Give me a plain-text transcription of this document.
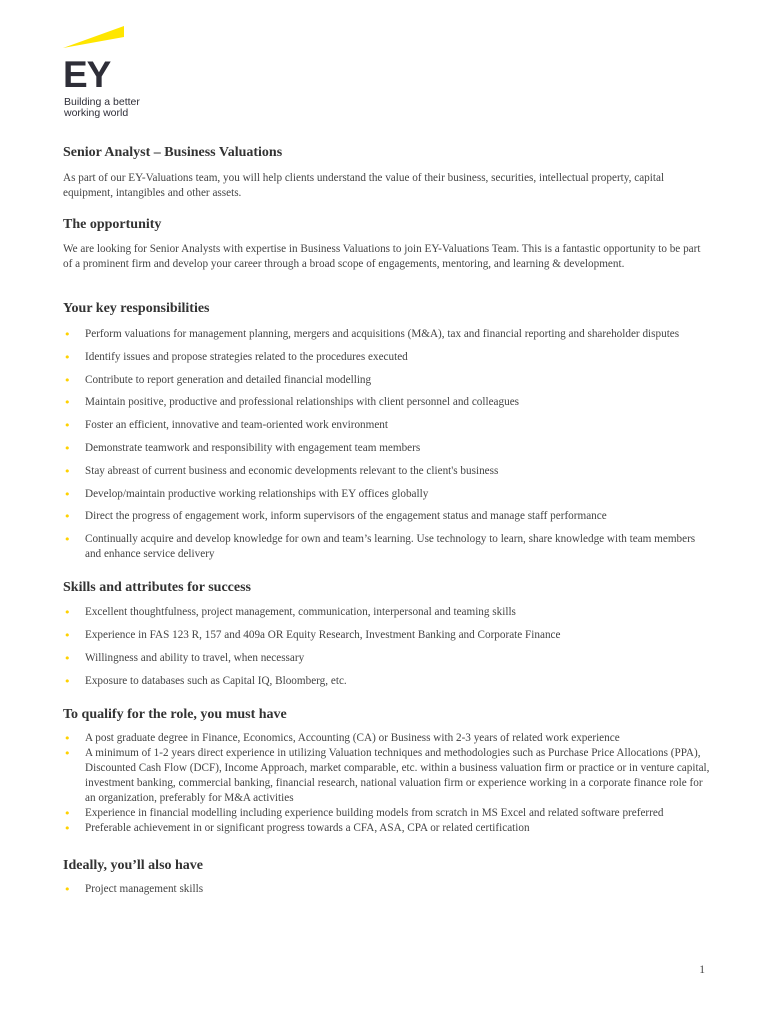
EY
Building a better
working world
Senior Analyst – Business Valuations

As part of our EY-Valuations team, you will help clients understand the value of their business, securities, intellectual property, capital equipment, intangibles and other assets.

The opportunity

We are looking for Senior Analysts with expertise in Business Valuations to join EY-Valuations Team. This is a fantastic opportunity to be part of a prominent firm and develop your career through a broad scope of engagements, mentoring, and learning & development.

Your key responsibilities
• Perform valuations for management planning, mergers and acquisitions (M&A), tax and financial reporting and shareholder disputes
• Identify issues and propose strategies related to the procedures executed
• Contribute to report generation and detailed financial modelling
• Maintain positive, productive and professional relationships with client personnel and colleagues
• Foster an efficient, innovative and team-oriented work environment
• Demonstrate teamwork and responsibility with engagement team members
• Stay abreast of current business and economic developments relevant to the client's business
• Develop/maintain productive working relationships with EY offices globally
• Direct the progress of engagement work, inform supervisors of the engagement status and manage staff performance
• Continually acquire and develop knowledge for own and team’s learning. Use technology to learn, share knowledge with team members and enhance service delivery
Skills and attributes for success
• Excellent thoughtfulness, project management, communication, interpersonal and teaming skills
• Experience in FAS 123 R, 157 and 409a OR Equity Research, Investment Banking and Corporate Finance
• Willingness and ability to travel, when necessary
• Exposure to databases such as Capital IQ, Bloomberg, etc.
To qualify for the role, you must have
• A post graduate degree in Finance, Economics, Accounting (CA) or Business with 2-3 years of related work experience
• A minimum of 1-2 years direct experience in utilizing Valuation techniques and methodologies such as Purchase Price Allocations (PPA), Discounted Cash Flow (DCF), Income Approach, market comparable, etc. within a business valuation firm or practice or in venture capital, investment banking, commercial banking, financial research, national valuation firm or experience working in a corporate finance role for an organization, preferably for M&A activities
• Experience in financial modelling including experience building models from scratch in MS Excel and related software preferred
• Preferable achievement in or significant progress towards a CFA, ASA, CPA or related certification
Ideally, you’ll also have
• Project management skills
1
